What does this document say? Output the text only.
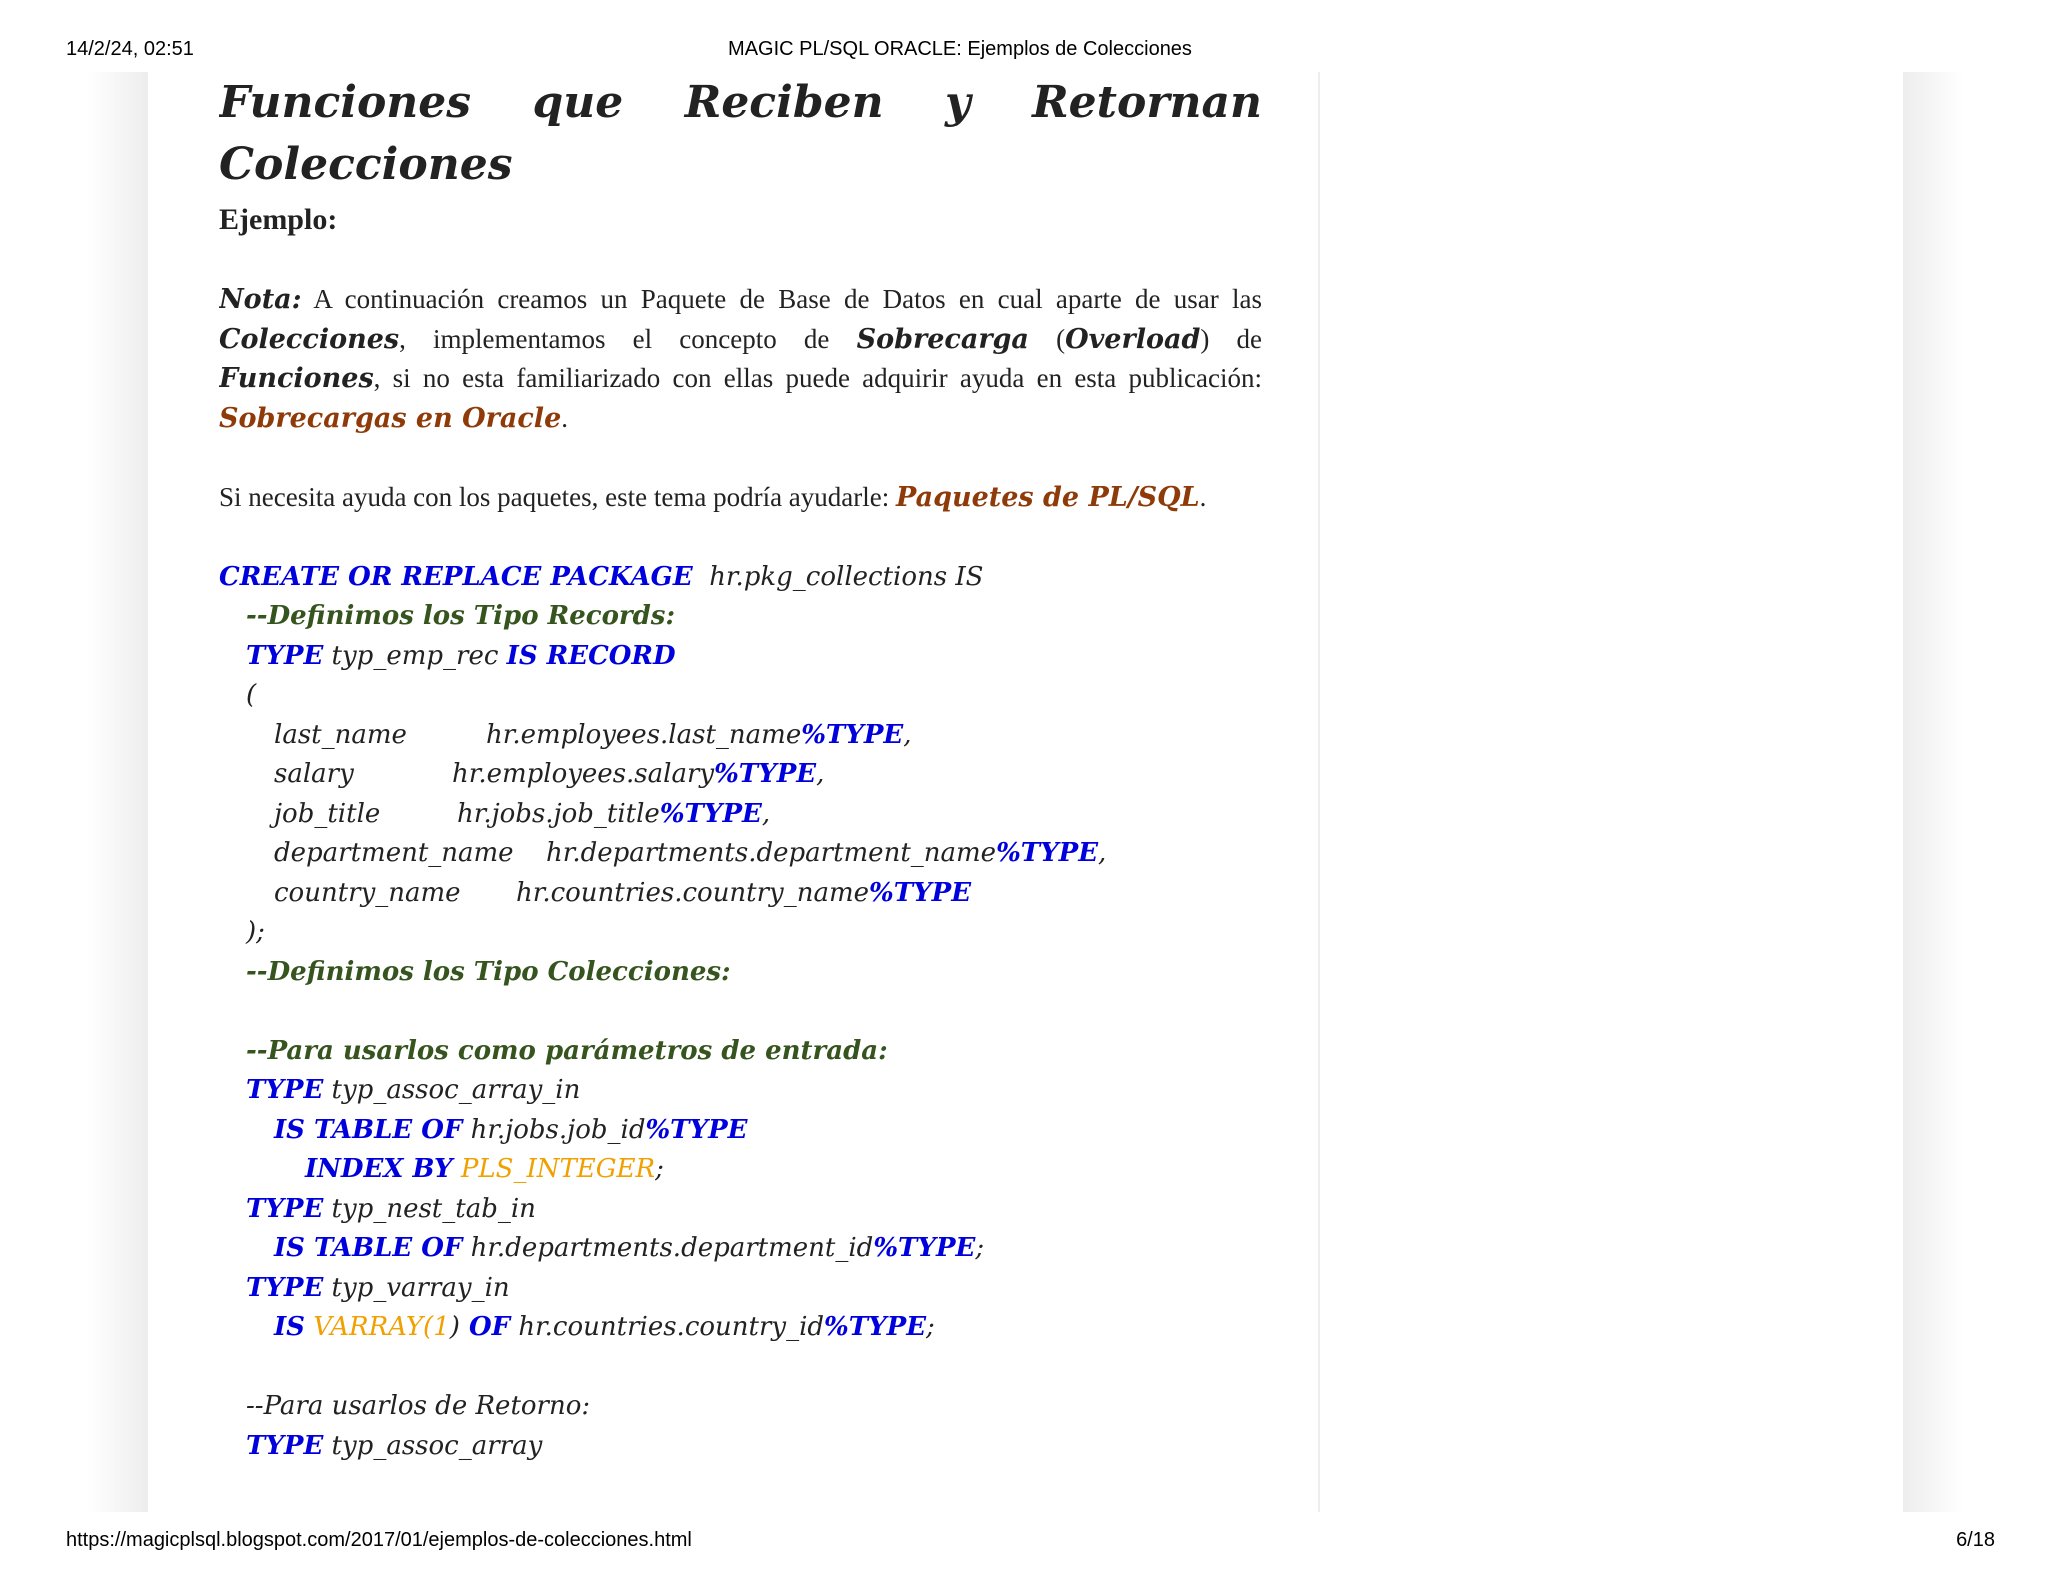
14/2/24, 02:51	MAGIC PL/SQL ORACLE: Ejemplos de Colecciones
Funciones que Reciben y Retornan Colecciones
Ejemplo:

Nota: A continuación creamos un Paquete de Base de Datos en cual aparte de usar las Colecciones, implementamos el concepto de Sobrecarga (Overload) de Funciones, si no esta familiarizado con ellas puede adquirir ayuda en esta publicación: Sobrecargas en Oracle.

Si necesita ayuda con los paquetes, este tema podría ayudarle: Paquetes de PL/SQL.

CREATE OR REPLACE PACKAGE hr.pkg_collections IS
--Definimos los Tipo Records:
TYPE typ_emp_rec IS RECORD
(
last_name	hr.employees.last_name%TYPE,
salary	hr.employees.salary%TYPE,
job_title	hr.jobs.job_title%TYPE,
department_name hr.departments.department_name%TYPE,
country_name hr.countries.country_name%TYPE
);
--Definimos los Tipo Colecciones:
--Para usarlos como parámetros de entrada:
TYPE typ_assoc_array_in
IS TABLE OF hr.jobs.job_id%TYPE
INDEX BY PLS_INTEGER;
TYPE typ_nest_tab_in
IS TABLE OF hr.departments.department_id%TYPE;
TYPE typ_varray_in
IS VARRAY(1) OF hr.countries.country_id%TYPE;
--Para usarlos de Retorno:
TYPE typ_assoc_array
https://magicplsql.blogspot.com/2017/01/ejemplos-de-colecciones.html	6/18
